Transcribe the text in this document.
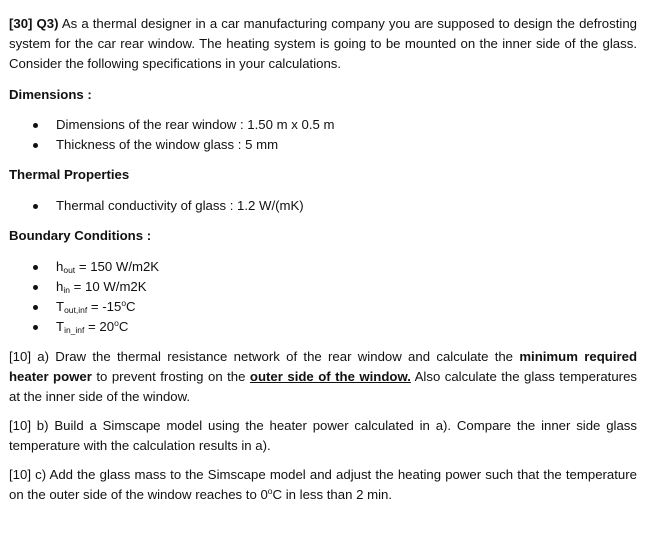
[30] Q3) As a thermal designer in a car manufacturing company you are supposed to design the defrosting system for the car rear window. The heating system is going to be mounted on the inner side of the glass. Consider the following specifications in your calculations.

Dimensions :

Dimensions of the rear window : 1.50 m x 0.5 m
Thickness of the window glass : 5 mm

Thermal Properties

Thermal conductivity of glass : 1.2 W/(mK)

Boundary Conditions :

$h_{out} = 150$ W/m2K
$h_{in} = 10$ W/m2K
$T_{out,inf} = -15^oC$
$T_{in\_inf} = 20^oC$

[10] a) Draw the thermal resistance network of the rear window and calculate the minimum required heater power to prevent frosting on the outer side of the window. Also calculate the glass temperatures at the inner side of the window.

[10] b) Build a Simscape model using the heater power calculated in a). Compare the inner side glass temperature with the calculation results in a).

[10] c) Add the glass mass to the Simscape model and adjust the heating power such that the temperature on the outer side of the window reaches to 0$^o$C in less than 2 min.
